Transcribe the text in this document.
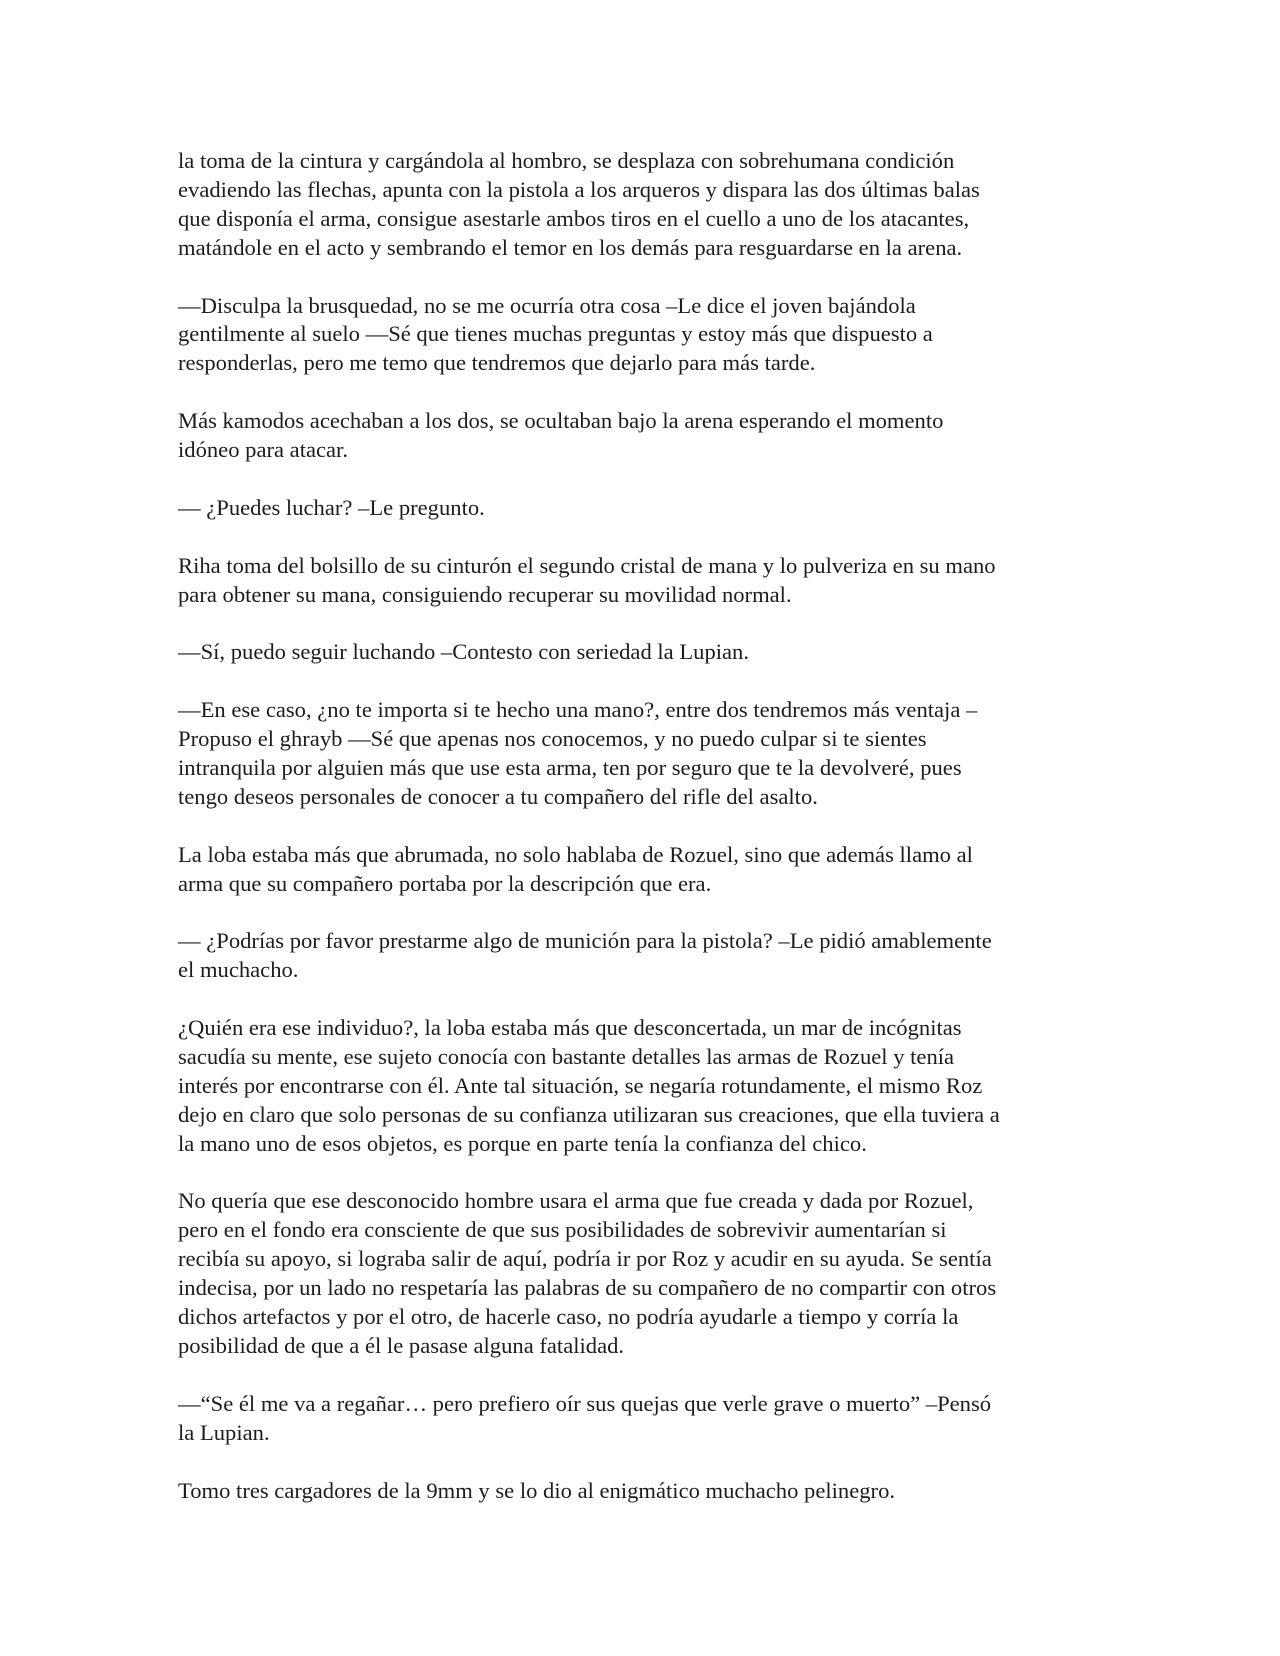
la toma de la cintura y cargándola al hombro, se desplaza con sobrehumana condición
evadiendo las flechas, apunta con la pistola a los arqueros y dispara las dos últimas balas
que disponía el arma, consigue asestarle ambos tiros en el cuello a uno de los atacantes,
matándole en el acto y sembrando el temor en los demás para resguardarse en la arena.

—Disculpa la brusquedad, no se me ocurría otra cosa –Le dice el joven bajándola
gentilmente al suelo —Sé que tienes muchas preguntas y estoy más que dispuesto a
responderlas, pero me temo que tendremos que dejarlo para más tarde.

Más kamodos acechaban a los dos, se ocultaban bajo la arena esperando el momento
idóneo para atacar.

— ¿Puedes luchar? –Le pregunto.

Riha toma del bolsillo de su cinturón el segundo cristal de mana y lo pulveriza en su mano
para obtener su mana, consiguiendo recuperar su movilidad normal.

—Sí, puedo seguir luchando –Contesto con seriedad la Lupian.

—En ese caso, ¿no te importa si te hecho una mano?, entre dos tendremos más ventaja –
Propuso el ghrayb —Sé que apenas nos conocemos, y no puedo culpar si te sientes
intranquila por alguien más que use esta arma, ten por seguro que te la devolveré, pues
tengo deseos personales de conocer a tu compañero del rifle del asalto.

La loba estaba más que abrumada, no solo hablaba de Rozuel, sino que además llamo al
arma que su compañero portaba por la descripción que era.

— ¿Podrías por favor prestarme algo de munición para la pistola? –Le pidió amablemente
el muchacho.

¿Quién era ese individuo?, la loba estaba más que desconcertada, un mar de incógnitas
sacudía su mente, ese sujeto conocía con bastante detalles las armas de Rozuel y tenía
interés por encontrarse con él. Ante tal situación, se negaría rotundamente, el mismo Roz
dejo en claro que solo personas de su confianza utilizaran sus creaciones, que ella tuviera a
la mano uno de esos objetos, es porque en parte tenía la confianza del chico.

No quería que ese desconocido hombre usara el arma que fue creada y dada por Rozuel,
pero en el fondo era consciente de que sus posibilidades de sobrevivir aumentarían si
recibía su apoyo, si lograba salir de aquí, podría ir por Roz y acudir en su ayuda. Se sentía
indecisa, por un lado no respetaría las palabras de su compañero de no compartir con otros
dichos artefactos y por el otro, de hacerle caso, no podría ayudarle a tiempo y corría la
posibilidad de que a él le pasase alguna fatalidad.

—“Se él me va a regañar… pero prefiero oír sus quejas que verle grave o muerto” –Pensó
la Lupian.

Tomo tres cargadores de la 9mm y se lo dio al enigmático muchacho pelinegro.
